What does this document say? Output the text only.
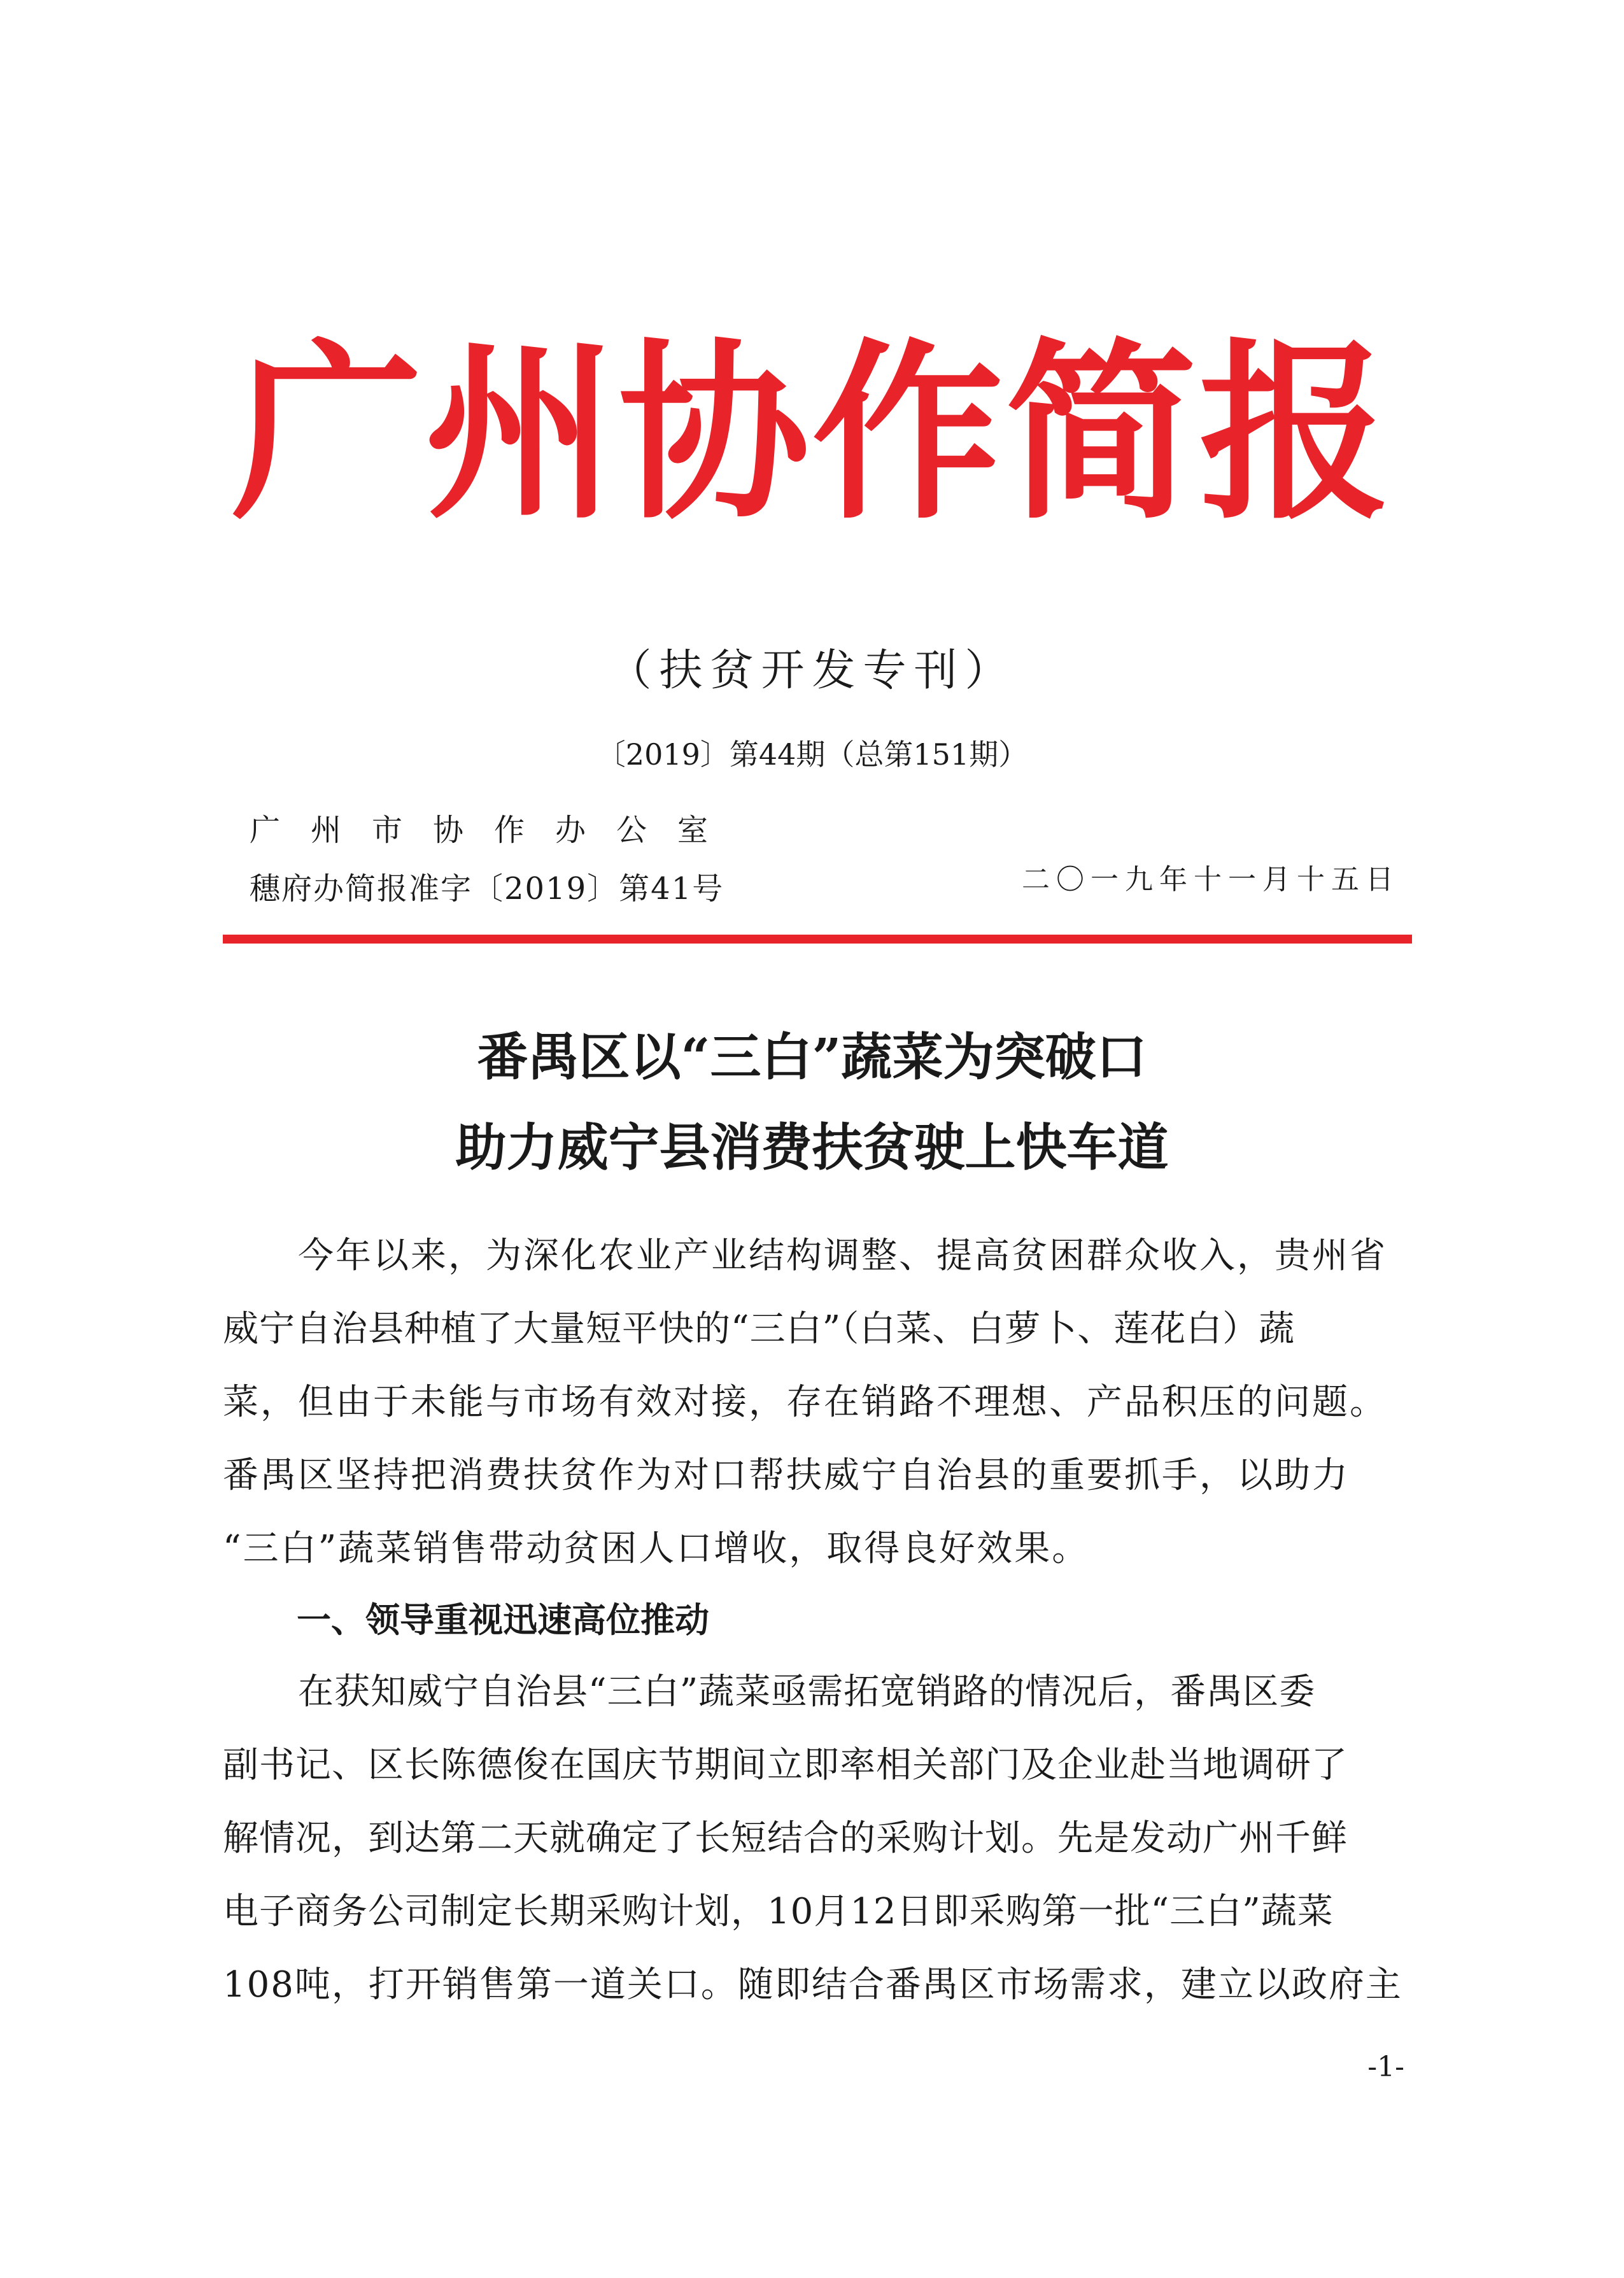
广州协作简报
（扶贫开发专刊）
〔2019〕第44期（总第151期）
广州市协作办公室
穗府办简报准字〔2019〕第41号	二〇一九年十一月十五日
番禺区以“三白”蔬菜为突破口
助力威宁县消费扶贫驶上快车道
今年以来，为深化农业产业结构调整、提高贫困群众收入，贵州省
威宁自治县种植了大量短平快的“三白”（白菜、白萝卜、莲花白）蔬
菜，但由于未能与市场有效对接，存在销路不理想、产品积压的问题。
番禺区坚持把消费扶贫作为对口帮扶威宁自治县的重要抓手，以助力
“三白”蔬菜销售带动贫困人口增收，取得良好效果。
一、领导重视迅速高位推动
在获知威宁自治县“三白”蔬菜亟需拓宽销路的情况后，番禺区委
副书记、区长陈德俊在国庆节期间立即率相关部门及企业赴当地调研了
解情况，到达第二天就确定了长短结合的采购计划。先是发动广州千鲜
电子商务公司制定长期采购计划，10月12日即采购第一批“三白”蔬菜
108吨，打开销售第一道关口。随即结合番禺区市场需求，建立以政府主
-1-
